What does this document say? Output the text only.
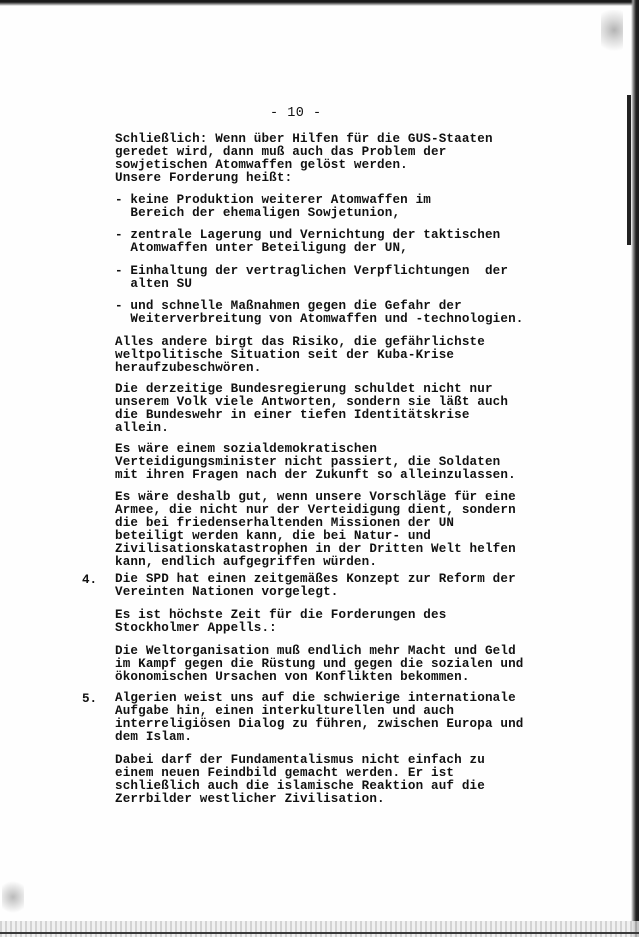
- 10 -
Schließlich: Wenn über Hilfen für die GUS-Staaten
geredet wird, dann muß auch das Problem der
sowjetischen Atomwaffen gelöst werden.
Unsere Forderung heißt:
- keine Produktion weiterer Atomwaffen im
Bereich der ehemaligen Sowjetunion,
- zentrale Lagerung und Vernichtung der taktischen
Atomwaffen unter Beteiligung der UN,
- Einhaltung der vertraglichen Verpflichtungen  der
alten SU
- und schnelle Maßnahmen gegen die Gefahr der
Weiterverbreitung von Atomwaffen und -technologien.
Alles andere birgt das Risiko, die gefährlichste
weltpolitische Situation seit der Kuba-Krise
heraufzubeschwören.
Die derzeitige Bundesregierung schuldet nicht nur
unserem Volk viele Antworten, sondern sie läßt auch
die Bundeswehr in einer tiefen Identitätskrise
allein.
Es wäre einem sozialdemokratischen
Verteidigungsminister nicht passiert, die Soldaten
mit ihren Fragen nach der Zukunft so alleinzulassen.
Es wäre deshalb gut, wenn unsere Vorschläge für eine
Armee, die nicht nur der Verteidigung dient, sondern
die bei friedenserhaltenden Missionen der UN
beteiligt werden kann, die bei Natur- und
Zivilisationskatastrophen in der Dritten Welt helfen
kann, endlich aufgegriffen würden.
4. Die SPD hat einen zeitgemäßes Konzept zur Reform der
Vereinten Nationen vorgelegt.
Es ist höchste Zeit für die Forderungen des
Stockholmer Appells.:
Die Weltorganisation muß endlich mehr Macht und Geld
im Kampf gegen die Rüstung und gegen die sozialen und
ökonomischen Ursachen von Konflikten bekommen.
5. Algerien weist uns auf die schwierige internationale
Aufgabe hin, einen interkulturellen und auch
interreligiösen Dialog zu führen, zwischen Europa und
dem Islam.
Dabei darf der Fundamentalismus nicht einfach zu
einem neuen Feindbild gemacht werden. Er ist
schließlich auch die islamische Reaktion auf die
Zerrbilder westlicher Zivilisation.
